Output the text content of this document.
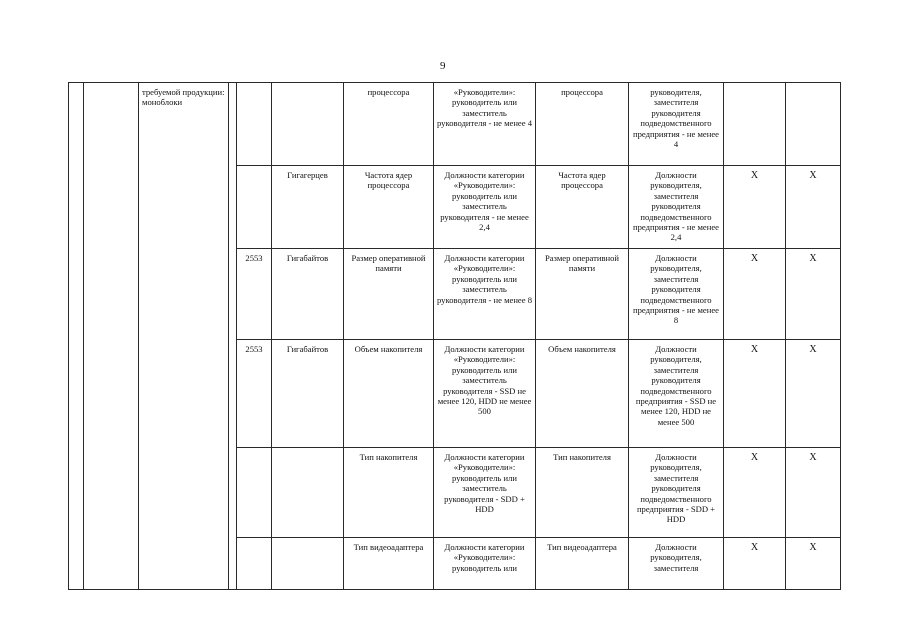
9
		требуемой продукции: моноблоки				процессора	«Руководители»: руководитель или заместитель руководителя - не менее 4	процессора	руководителя, заместителя руководителя подведомственного предприятия - не менее 4		
					Гигагерцев	Частота ядер процессора	Должности категории «Руководители»: руководитель или заместитель руководителя - не менее 2,4	Частота ядер процессора	Должности руководителя, заместителя руководителя подведомственного предприятия - не менее 2,4	X	X
				2553	Гигабайтов	Размер оперативной памяти	Должности категории «Руководители»: руководитель или заместитель руководителя - не менее 8	Размер оперативной памяти	Должности руководителя, заместителя руководителя подведомственного предприятия - не менее 8	X	X
				2553	Гигабайтов	Объем накопителя	Должности категории «Руководители»: руководитель или заместитель руководителя - SSD не менее 120, HDD не менее 500	Объем накопителя	Должности руководителя, заместителя руководителя подведомственного предприятия - SSD не менее 120, HDD не менее 500	X	X
						Тип накопителя	Должности категории «Руководители»: руководитель или заместитель руководителя - SDD + HDD	Тип накопителя	Должности руководителя, заместителя руководителя подведомственного предприятия - SDD + HDD	X	X
						Тип видеоадаптера	Должности категории «Руководители»: руководитель или	Тип видеоадаптера	Должности руководителя, заместителя	X	X
